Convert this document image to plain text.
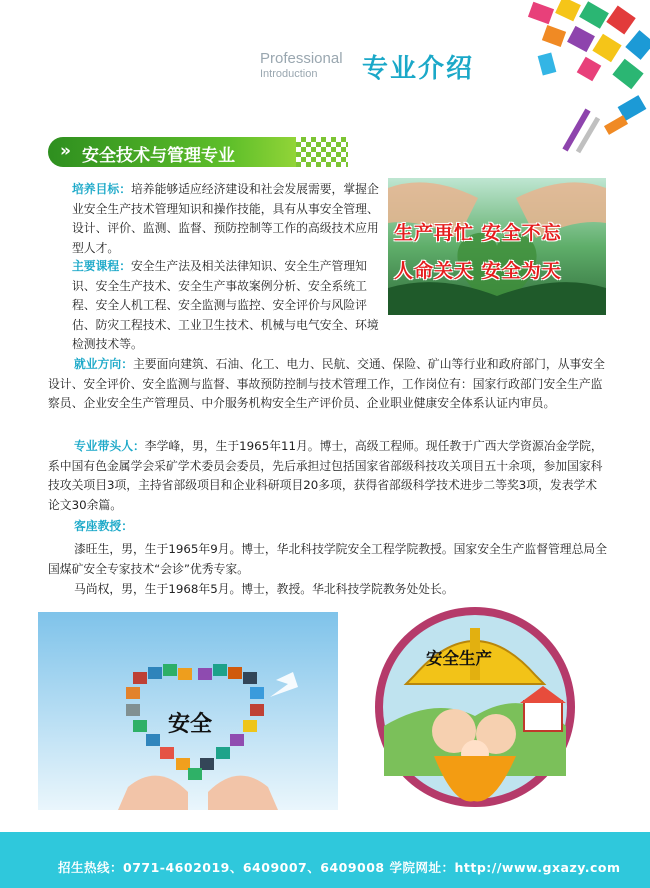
Professional
Introduction 专业介绍
» 安全技术与管理专业
生产再忙 安全不忘
人命关天 安全为天
培养目标：培养能够适应经济建设和社会发展需要，掌握企业安全生产技术管理知识和操作技能，具有从事安全管理、设计、评价、监测、监督、预防控制等工作的高级技术应用型人才。
主要课程：安全生产法及相关法律知识、安全生产管理知识、安全生产技术、安全生产事故案例分析、安全系统工程、安全人机工程、安全监测与监控、安全评价与风险评估、防灾工程技术、工业卫生技术、机械与电气安全、环境检测技术等。
就业方向：主要面向建筑、石油、化工、电力、民航、交通、保险、矿山等行业和政府部门，从事安全设计、安全评价、安全监测与监督、事故预防控制与技术管理工作，工作岗位有：国家行政部门安全生产监察员、企业安全生产管理员、中介服务机构安全生产评价员、企业职业健康安全体系认证内审员。
专业带头人：李学峰，男，生于1965年11月。博士，高级工程师。现任教于广西大学资源冶金学院，系中国有色金属学会采矿学术委员会委员，先后承担过包括国家省部级科技攻关项目五十余项，参加国家科技攻关项目3项，主持省部级项目和企业科研项目20多项，获得省部级科学技术进步二等奖3项，发表学术论文30余篇。
客座教授：
漆旺生，男，生于1965年9月。博士，华北科技学院安全工程学院教授。国家安全生产监督管理总局全国煤矿安全专家技术“会诊”优秀专家。
马尚权，男，生于1968年5月。博士，教授。华北科技学院教务处处长。
安全
安全生产
招生热线：0771-4602019、6409007、6409008 学院网址：http://www.gxazy.com
